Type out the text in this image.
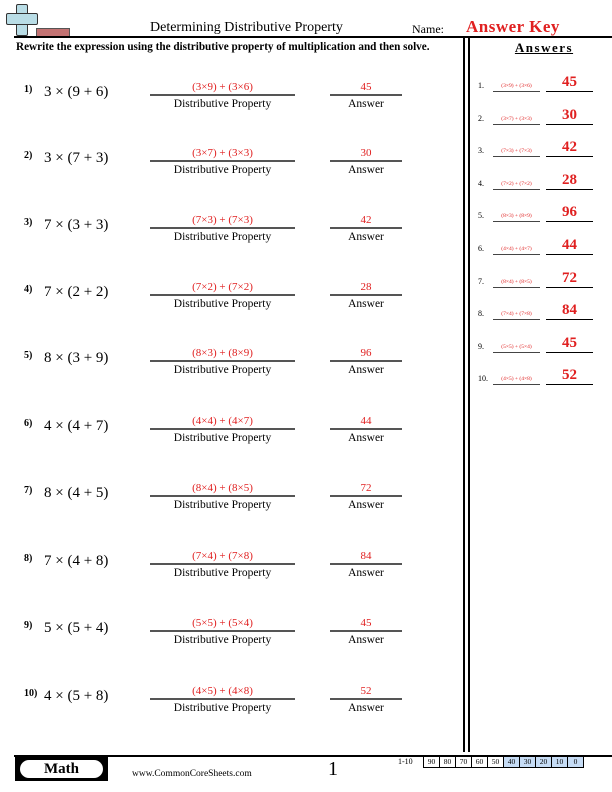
Determining Distributive Property	Name: Answer Key
Rewrite the expression using the distributive property of multiplication and then solve.	Answers
1) 3 × (9 + 6)	(3×9) + (3×6)
Distributive Property
45
Answer
2) 3 × (7 + 3)	(3×7) + (3×3)
Distributive Property
30
Answer
3) 7 × (3 + 3)	(7×3) + (7×3)
Distributive Property
42
Answer
4) 7 × (2 + 2)	(7×2) + (7×2)
Distributive Property
28
Answer
5) 8 × (3 + 9)	(8×3) + (8×9)
Distributive Property
96
Answer
6) 4 × (4 + 7)	(4×4) + (4×7)
Distributive Property
44
Answer
7) 8 × (4 + 5)	(8×4) + (8×5)
Distributive Property
72
Answer
8) 7 × (4 + 8)	(7×4) + (7×8)
Distributive Property
84
Answer
9) 5 × (5 + 4)	(5×5) + (5×4)
Distributive Property
45
Answer
10) 4 × (5 + 8)	(4×5) + (4×8)
Distributive Property
52
Answer
1.	(3×9) + (3×6)	45
2.	(3×7) + (3×3)	30
3.	(7×3) + (7×3)	42
4.	(7×2) + (7×2)	28
5.	(8×3) + (8×9)	96
6.	(4×4) + (4×7)	44
7.	(8×4) + (8×5)	72
8.	(7×4) + (7×8)	84
9.	(5×5) + (5×4)	45
10.	(4×5) + (4×8)	52
Math	www.CommonCoreSheets.com	1	1-10	90	80	70	60	50	40	30	20	10	0
